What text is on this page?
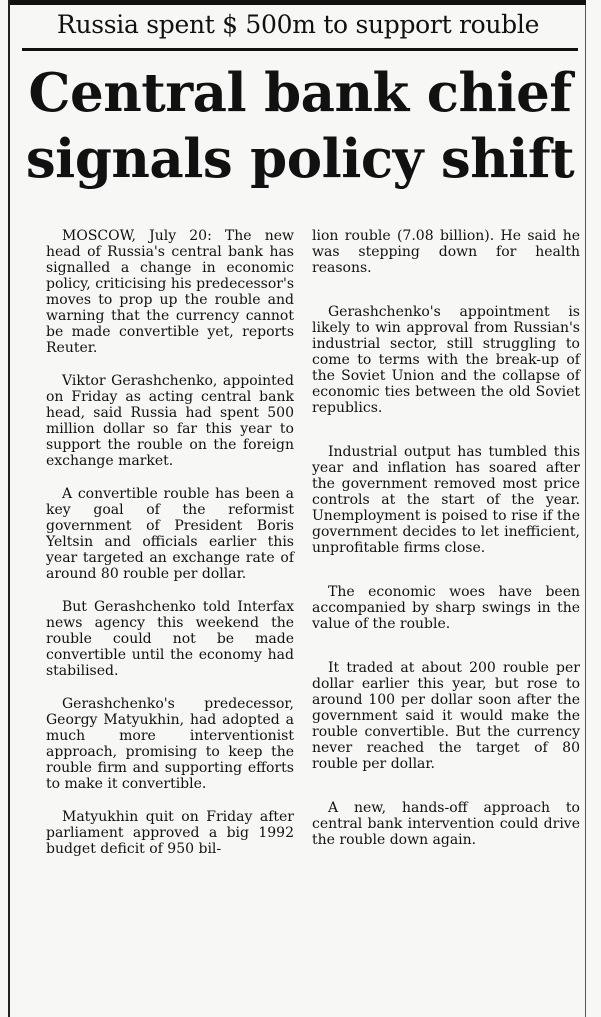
Russia spent $ 500m to support rouble
Central bank chief
signals policy shift

MOSCOW, July 20: The new head of Russia's central bank has signalled a change in economic policy, criticising his predecessor's moves to prop up the rouble and warning that the currency cannot be made convertible yet, reports Reuter.

Viktor Gerashchenko, appointed on Friday as acting central bank head, said Russia had spent 500 million dollar so far this year to support the rouble on the foreign exchange market.

A convertible rouble has been a key goal of the reformist government of President Boris Yeltsin and officials earlier this year targeted an exchange rate of around 80 rouble per dollar.

But Gerashchenko told Interfax news agency this weekend the rouble could not be made convertible until the economy had stabilised.

Gerashchenko's predecessor, Georgy Matyukhin, had adopted a much more interventionist approach, promising to keep the rouble firm and supporting efforts to make it convertible.

Matyukhin quit on Friday after parliament approved a big 1992 budget deficit of 950 bil-

lion rouble (7.08 billion). He said he was stepping down for health reasons.

Gerashchenko's appointment is likely to win approval from Russian's industrial sector, still struggling to come to terms with the break-up of the Soviet Union and the collapse of economic ties between the old Soviet republics.

Industrial output has tumbled this year and inflation has soared after the government removed most price controls at the start of the year. Unemployment is poised to rise if the government decides to let inefficient, unprofitable firms close.

The economic woes have been accompanied by sharp swings in the value of the rouble.

It traded at about 200 rouble per dollar earlier this year, but rose to around 100 per dollar soon after the government said it would make the rouble convertible. But the currency never reached the target of 80 rouble per dollar.

A new, hands-off approach to central bank intervention could drive the rouble down again.
